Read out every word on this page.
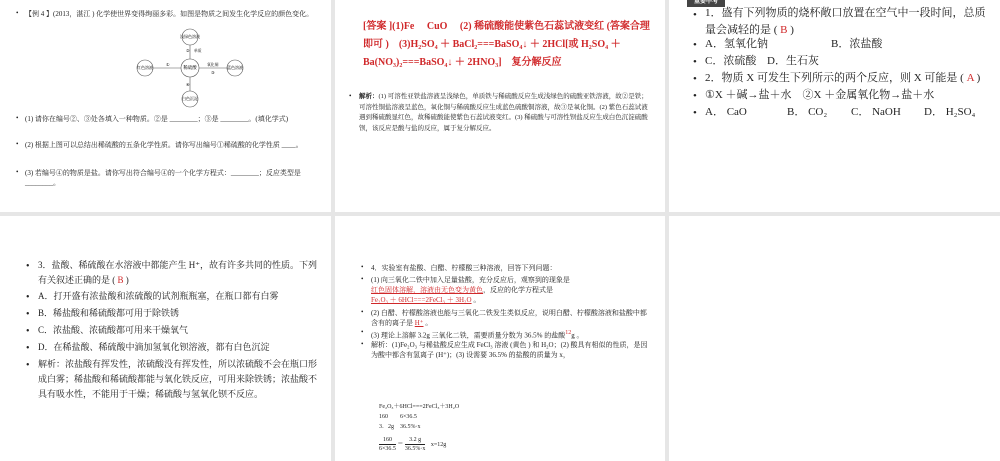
• 【例 4 】(2013，湛江 ) 化学使世界变得绚丽多彩。如图是物质之间发生化学反应的颜色变化。
浅绿色溶液
红色溶液	稀硫酸	蓝色溶液
白色沉淀
单质
①
②
③
氧化铜
④
• (1) 请你在编号②、③处各填入一种物质。②是 ________；③是 ________。(填化学式)
• (2) 根据上图可以总结出稀硫酸的五条化学性质。请你写出编号①稀硫酸的化学性质 ____。
• (3) 若编号④的物质是盐。请你写出符合编号④的一个化学方程式：________；反应类型是 ________。
[答案 ](1)Fe　 CuO　 (2) 稀硫酸能使紫色石蕊试液变红 (答案合理即可 )　(3)H₂SO₄ ＋ BaCl₂===BaSO₄↓ ＋ 2HCl[或 H₂SO₄ ＋ Ba(NO₃)₂===BaSO₄↓ ＋ 2HNO₃]　复分解反应
• 解析：(1) 可溶性亚铁盐溶液呈浅绿色，单质铁与稀硫酸反应生成浅绿色的硫酸亚铁溶液，故②是铁；可溶性铜盐溶液呈蓝色，氧化铜与稀硫酸反应生成蓝色硫酸铜溶液，故③是氧化铜。(2) 紫色石蕊试液遇到稀硫酸显红色，故稀硫酸能使紫色石蕊试液变红。(3) 稀硫酸与可溶性钡盐反应生成白色沉淀硫酸钡，该反应是酸与盐的反应，属于复分解反应。
重要中考
• 1．盛有下列物质的烧杯敞口放置在空气中一段时间，总质量会减轻的是 ( B )
• A．氢氧化钠	B．浓盐酸
• C．浓硫酸 D．生石灰
• 2．物质 X 可发生下列所示的两个反应，则 X 可能是 ( A )
• ①X ＋碱→盐＋水　②X ＋金属氧化物→盐＋水
• A． CaO	B． CO₂ C． NaOH D． H₂SO₄
• 3．盐酸、稀硫酸在水溶液中都能产生 H⁺，故有许多共同的性质。下列有关叙述正确的是 ( B )
• A．打开盛有浓盐酸和浓硫酸的试剂瓶瓶塞，在瓶口都有白雾
• B．稀盐酸和稀硫酸都可用于除铁锈
• C．浓盐酸、浓硫酸都可用来干燥氧气
• D．在稀盐酸、稀硫酸中滴加氢氧化钡溶液，都有白色沉淀
• 解析：浓盐酸有挥发性，浓硫酸没有挥发性，所以浓硫酸不会在瓶口形成白雾；稀盐酸和稀硫酸都能与氧化铁反应，可用来除铁锈；浓盐酸不具有吸水性，不能用于干燥；稀硫酸与氢氧化钡不反应。
• 4．实验室有盐酸、白醋、柠檬酸三种溶液，回答下列问题：
• (1) 向三氧化二铁中加入足量盐酸，充分反应后，观察到的现象是
红色固体溶解，溶液由无色变为黄色，反应的化学方程式是
Fe₂O₃ ＋ 6HCl===2FeCl₃ ＋ 3H₂O 。
• (2) 白醋、柠檬酸溶液也能与三氧化二铁发生类似反应，说明白醋、柠檬酸溶液和盐酸中都含有的离子是 H⁺ 。
• (3) 理论上溶解 3.2g 三氧化二铁，需要质量分数为 36.5% 的盐酸12g 。
• 解析：(1)Fe₂O₃ 与稀盐酸反应生成 FeCl₃ 溶液 (黄色 ) 和 H₂O；(2) 酸具有相似的性质，是因为酸中都含有氢离子 (H⁺)；(3) 设需要 36.5% 的盐酸的质量为 x，
Fe₂O₃＋6HCl===2FeCl₃＋3H₂O
160　　6×36.5
3．2g　36.5%·x
$\frac{160}{6\times 36.5} = \frac{3.2 g}{36.5\%\cdot x} x=12g$
